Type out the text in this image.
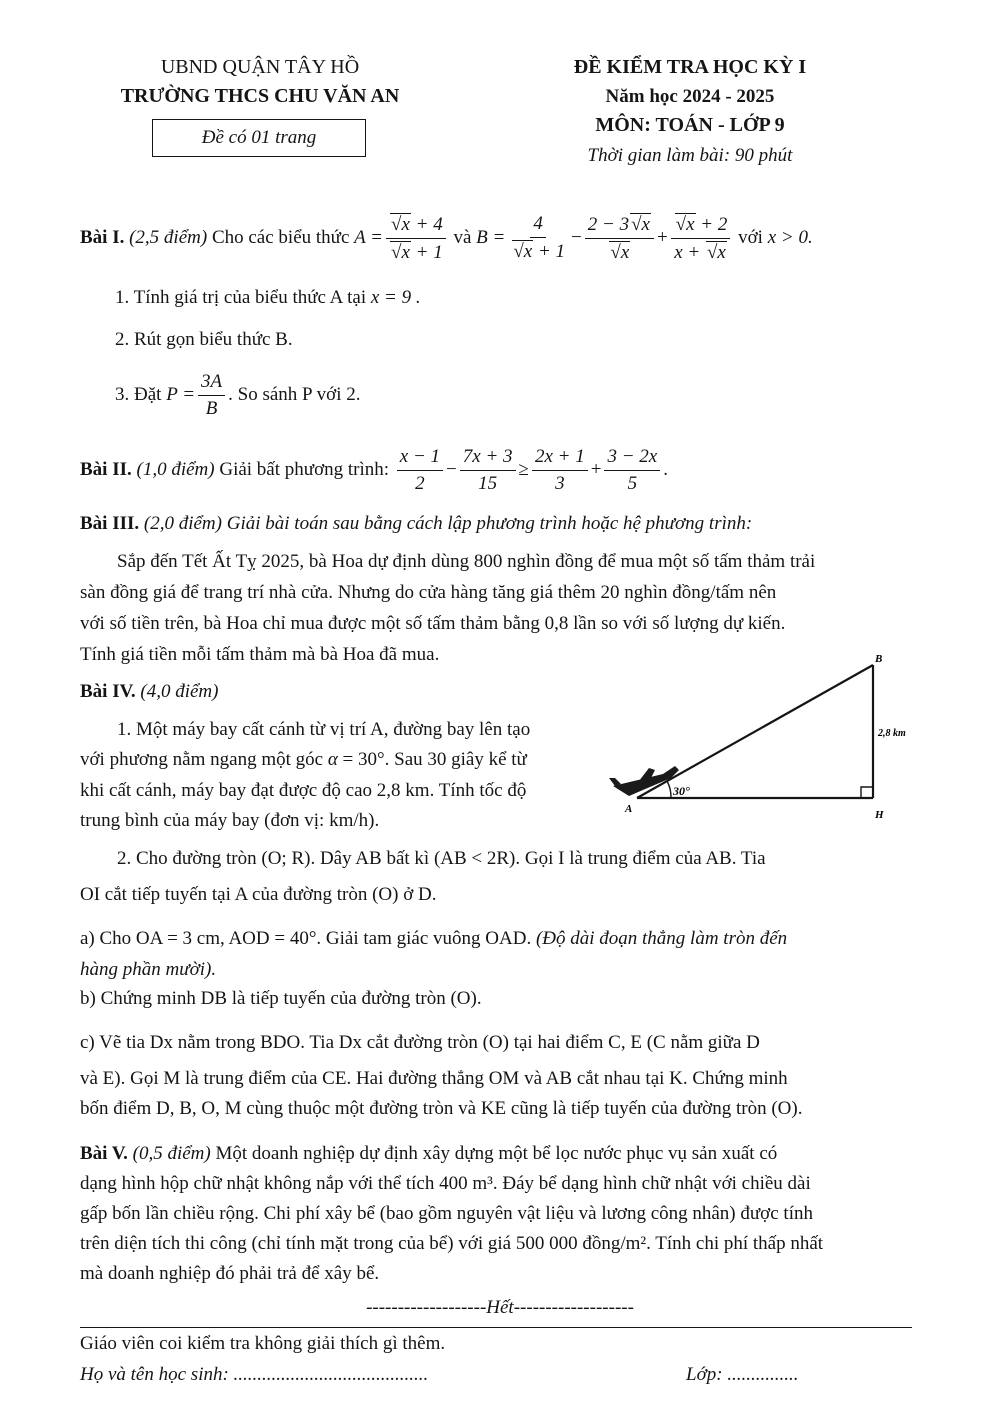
UBND QUẬN TÂY HỒ
TRƯỜNG THCS CHU VĂN AN
Đề có 01 trang
ĐỀ KIỂM TRA HỌC KỲ I
Năm học 2024 - 2025
MÔN: TOÁN - LỚP 9
Thời gian làm bài: 90 phút
Bài I.
(2,5 điểm)
Cho các biểu thức
A = √ x + 4
√ x + 1
và
B = 4
√ x + 1 − 2 − 3 √ x
√ x + √ $\frac{x + 2}{x + √ x}$
với
x > 0.
1. Tính giá trị của biểu thức A tại x = 9 .
2. Rút gọn biểu thức B.
3. Đặt
$P = \frac{3A}{B}$ . So sánh P với 2.
Bài II.
(1,0 điểm)
Giải bất phương trình:
$\frac{x - 1}{2} - \frac{7x + 3}{15} \ge \frac{2x + 1}{3} + \frac{3 - 2x}{5}$ .
Bài III. (2,0 điểm) Giải bài toán sau bằng cách lập phương trình hoặc hệ phương trình:
Sắp đến Tết Ất Tỵ 2025, bà Hoa dự định dùng 800 nghìn đồng để mua một số tấm thảm trải
sàn đồng giá để trang trí nhà cửa. Nhưng do cửa hàng tăng giá thêm 20 nghìn đồng/tấm nên
với số tiền trên, bà Hoa chỉ mua được một số tấm thảm bằng 0,8 lần so với số lượng dự kiến.
Tính giá tiền mỗi tấm thảm mà bà Hoa đã mua.
Bài IV. (4,0 điểm)
1. Một máy bay cất cánh từ vị trí A, đường bay lên tạo
với phương nằm ngang một góc α = 30°. Sau 30 giây kể từ
khi cất cánh, máy bay đạt được độ cao 2,8 km. Tính tốc độ
trung bình của máy bay (đơn vị: km/h).
A
B
H
2,8 km
30°
2. Cho đường tròn (O; R). Dây AB bất kì (AB < 2R). Gọi I là trung điểm của AB. Tia
OI cắt tiếp tuyến tại A của đường tròn (O) ở D.
a) Cho OA = 3 cm, AOD = 40°. Giải tam giác vuông OAD. (Độ dài đoạn thẳng làm tròn đến
hàng phần mười).
b) Chứng minh DB là tiếp tuyến của đường tròn (O).
c) Vẽ tia Dx nằm trong BDO. Tia Dx cắt đường tròn (O) tại hai điểm C, E (C nằm giữa D
và E). Gọi M là trung điểm của CE. Hai đường thẳng OM và AB cắt nhau tại K. Chứng minh
bốn điểm D, B, O, M cùng thuộc một đường tròn và KE cũng là tiếp tuyến của đường tròn (O).
Bài V. (0,5 điểm) Một doanh nghiệp dự định xây dựng một bể lọc nước phục vụ sản xuất có
dạng hình hộp chữ nhật không nắp với thể tích 400 m³. Đáy bể dạng hình chữ nhật với chiều dài
gấp bốn lần chiều rộng. Chi phí xây bể (bao gồm nguyên vật liệu và lương công nhân) được tính
trên diện tích thi công (chỉ tính mặt trong của bể) với giá 500 000 đồng/m². Tính chi phí thấp nhất
mà doanh nghiệp đó phải trả để xây bể.
-------------------Hết-------------------
Giáo viên coi kiểm tra không giải thích gì thêm.
Họ và tên học sinh: .........................................	Lớp: ...............
